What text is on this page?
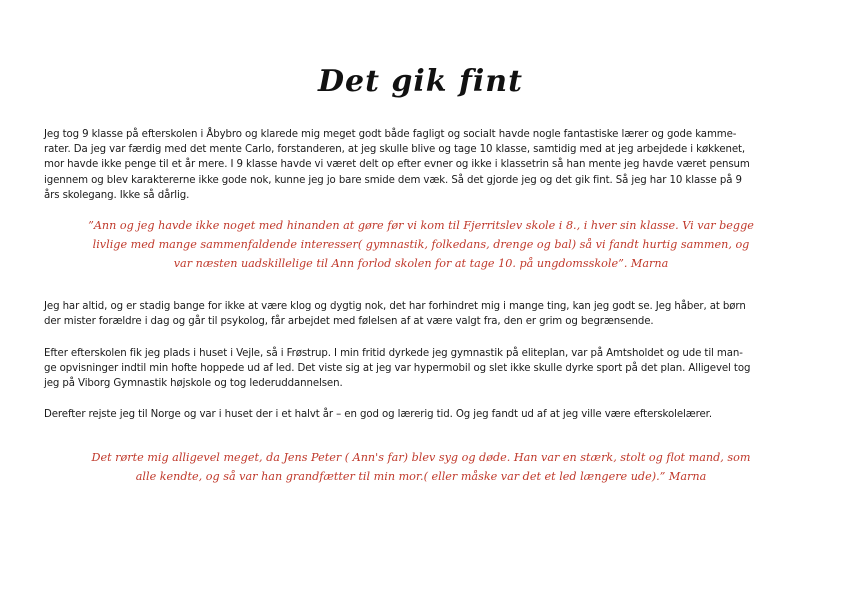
Det gik fint
Jeg tog 9 klasse på efterskolen i Åbybro og klarede mig meget godt både fagligt og socialt havde nogle fantastiske lærer og gode kamme-
rater. Da jeg var færdig med det mente Carlo, forstanderen, at jeg skulle blive og tage 10 klasse, samtidig med at jeg arbejdede i køkkenet,
mor havde ikke penge til et år mere. I 9 klasse havde vi været delt op efter evner og ikke i klassetrin så han mente jeg havde været pensum
igennem og blev karaktererne ikke gode nok, kunne jeg jo bare smide dem væk. Så det gjorde jeg og det gik fint. Så jeg har 10 klasse på 9
års skolegang. Ikke så dårlig.
”Ann og jeg havde ikke noget med hinanden at gøre før vi kom til Fjerritslev skole i 8., i hver sin klasse. Vi var begge
livlige med mange sammenfaldende interesser( gymnastik, folkedans, drenge og bal) så vi fandt hurtig sammen, og
var næsten uadskillelige til Ann forlod skolen for at tage 10. på ungdomsskole”. Marna
Jeg har altid, og er stadig bange for ikke at være klog og dygtig nok, det har forhindret mig i mange ting, kan jeg godt se. Jeg håber, at børn
der mister forældre i dag og går til psykolog, får arbejdet med følelsen af at være valgt fra, den er grim og begrænsende.
Efter efterskolen fik jeg plads i huset i Vejle, så i Frøstrup. I min fritid dyrkede jeg gymnastik på eliteplan, var på Amtsholdet og ude til man-
ge opvisninger indtil min hofte hoppede ud af led. Det viste sig at jeg var hypermobil og slet ikke skulle dyrke sport på det plan. Alligevel tog
jeg på Viborg Gymnastik højskole og tog lederuddannelsen.
Derefter rejste jeg til Norge og var i huset der i et halvt år – en god og lærerig tid. Og jeg fandt ud af at jeg ville være efterskolelærer.
Det rørte mig alligevel meget, da Jens Peter ( Ann's far) blev syg og døde. Han var en stærk, stolt og flot mand, som
alle kendte, og så var han grandfætter til min mor.( eller måske var det et led længere ude).” Marna
